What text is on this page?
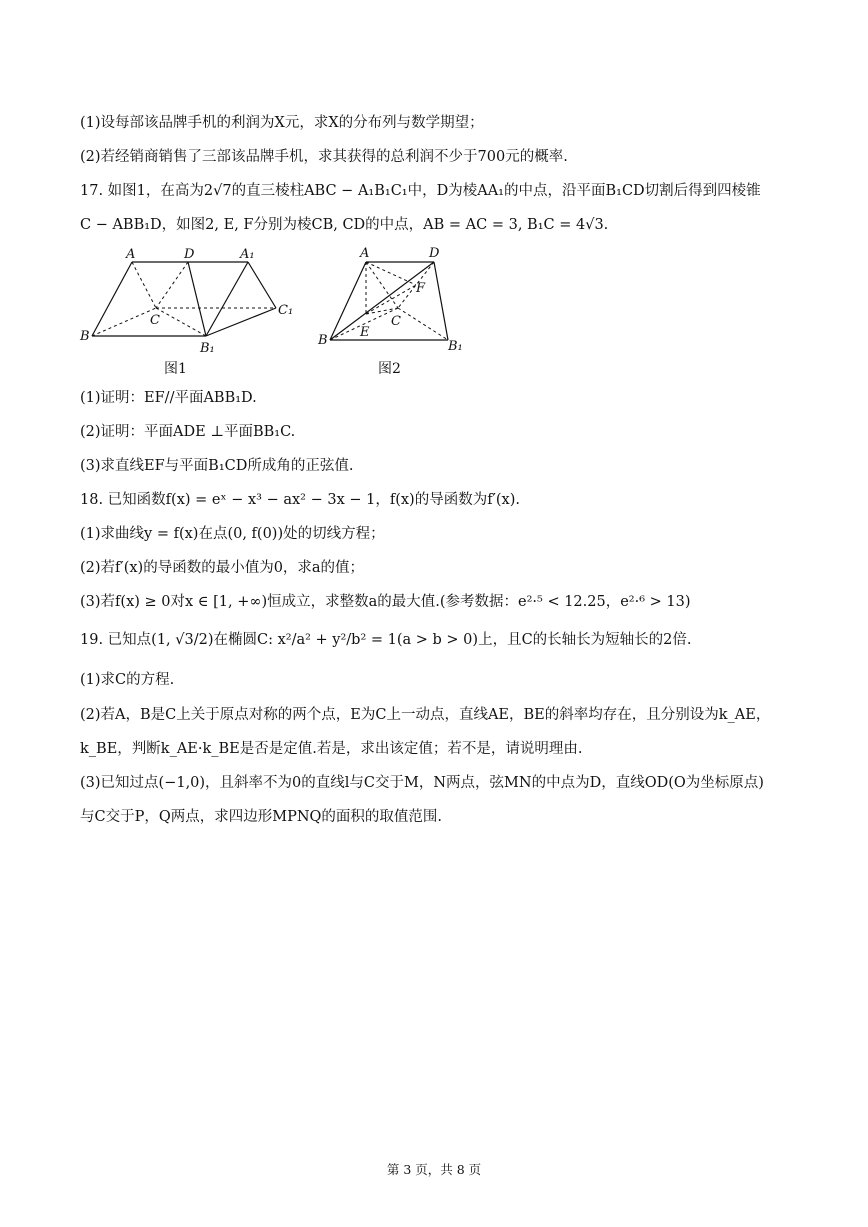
(1)设每部该品牌手机的利润为X元，求X的分布列与数学期望；
(2)若经销商销售了三部该品牌手机，求其获得的总利润不少于700元的概率.
17. 如图1，在高为2√7的直三棱柱ABC − A₁B₁C₁中，D为棱AA₁的中点，沿平面B₁CD切割后得到四棱锥
C − ABB₁D，如图2, E, F分别为棱CB, CD的中点，AB = AC = 3, B₁C = 4√3.
A	D	A₁
B
C
C₁
B₁
A	D
F
E
C
B	B₁
图1	图2
(1)证明：EF//平面ABB₁D.
(2)证明：平面ADE ⊥平面BB₁C.
(3)求直线EF与平面B₁CD所成角的正弦值.
18. 已知函数f(x) = eˣ − x³ − ax² − 3x − 1，f(x)的导函数为f′(x).
(1)求曲线y = f(x)在点(0, f(0))处的切线方程；
(2)若f′(x)的导函数的最小值为0，求a的值；
(3)若f(x) ≥ 0对x ∈ [1, +∞)恒成立，求整数a的最大值.(参考数据：e²·⁵ < 12.25，e²·⁶ > 13)
19. 已知点(1, √3/2)在椭圆C: x²/a² + y²/b² = 1(a > b > 0)上，且C的长轴长为短轴长的2倍.
(1)求C的方程.
(2)若A，B是C上关于原点对称的两个点，E为C上一动点，直线AE，BE的斜率均存在，且分别设为k_AE，
k_BE，判断k_AE·k_BE是否是定值.若是，求出该定值；若不是，请说明理由.
(3)已知过点(−1,0)，且斜率不为0的直线l与C交于M，N两点，弦MN的中点为D，直线OD(O为坐标原点)
与C交于P，Q两点，求四边形MPNQ的面积的取值范围.
第 3 页，共 8 页
